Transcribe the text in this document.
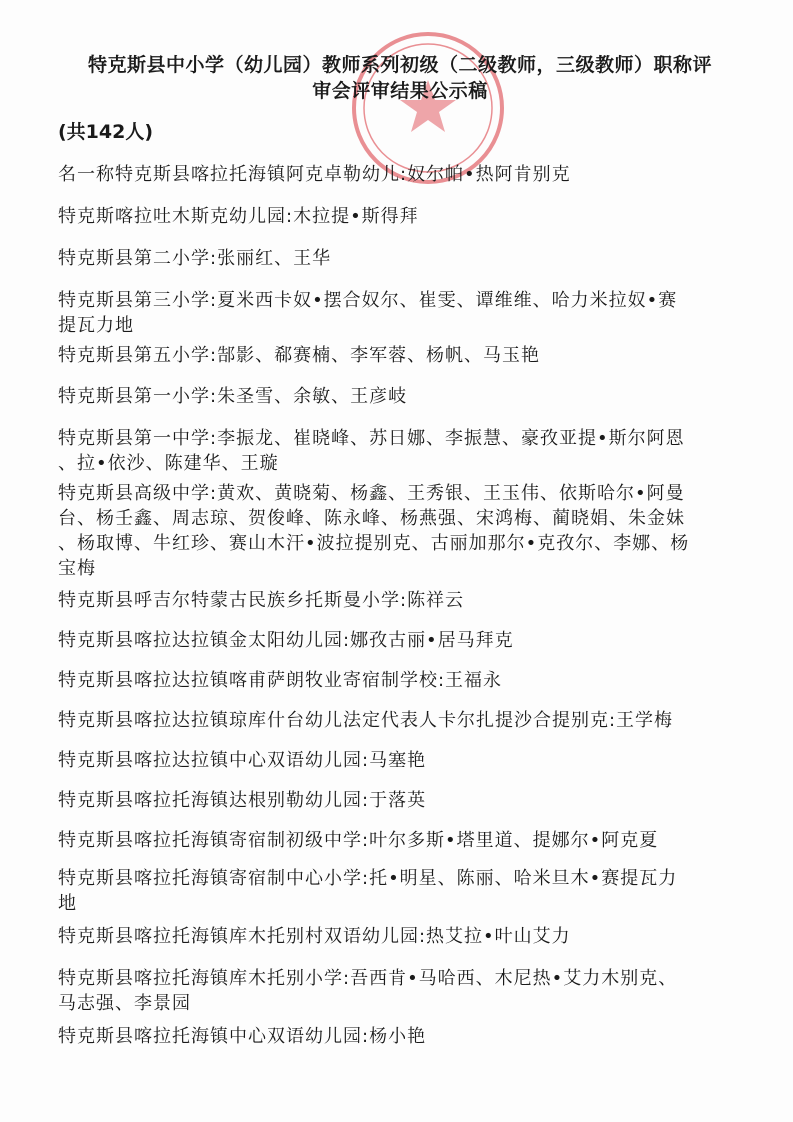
特克斯县中小学（幼儿园）教师系列初级（二级教师，三级教师）职称评
审会评审结果公示稿
(共142人)
名一称特克斯县喀拉托海镇阿克卓勒幼儿:奴尔帕•热阿肯别克
特克斯喀拉吐木斯克幼儿园:木拉提•斯得拜
特克斯县第二小学:张丽红、王华
特克斯县第三小学:夏米西卡奴•摆合奴尔、崔雯、谭维维、哈力米拉奴•赛
提瓦力地
特克斯县第五小学:郜影、郗赛楠、李军蓉、杨帆、马玉艳
特克斯县第一小学:朱圣雪、余敏、王彦岐
特克斯县第一中学:李振龙、崔晓峰、苏日娜、李振慧、豪孜亚提•斯尔阿恩
、拉•依沙、陈建华、王璇
特克斯县高级中学:黄欢、黄晓菊、杨鑫、王秀银、王玉伟、依斯哈尔•阿曼
台、杨壬鑫、周志琼、贺俊峰、陈永峰、杨燕强、宋鸿梅、蔺晓娟、朱金妹
、杨取博、牛红珍、赛山木汗•波拉提别克、古丽加那尔•克孜尔、李娜、杨
宝梅
特克斯县呼吉尔特蒙古民族乡托斯曼小学:陈祥云
特克斯县喀拉达拉镇金太阳幼儿园:娜孜古丽•居马拜克
特克斯县喀拉达拉镇喀甫萨朗牧业寄宿制学校:王福永
特克斯县喀拉达拉镇琼库什台幼儿法定代表人卡尔扎提沙合提别克:王学梅
特克斯县喀拉达拉镇中心双语幼儿园:马塞艳
特克斯县喀拉托海镇达根别勒幼儿园:于落英
特克斯县喀拉托海镇寄宿制初级中学:叶尔多斯•塔里道、提娜尔•阿克夏
特克斯县喀拉托海镇寄宿制中心小学:托•明星、陈丽、哈米旦木•赛提瓦力
地
特克斯县喀拉托海镇库木托别村双语幼儿园:热艾拉•叶山艾力
特克斯县喀拉托海镇库木托别小学:吾西肯•马哈西、木尼热•艾力木别克、
马志强、李景园
特克斯县喀拉托海镇中心双语幼儿园:杨小艳
